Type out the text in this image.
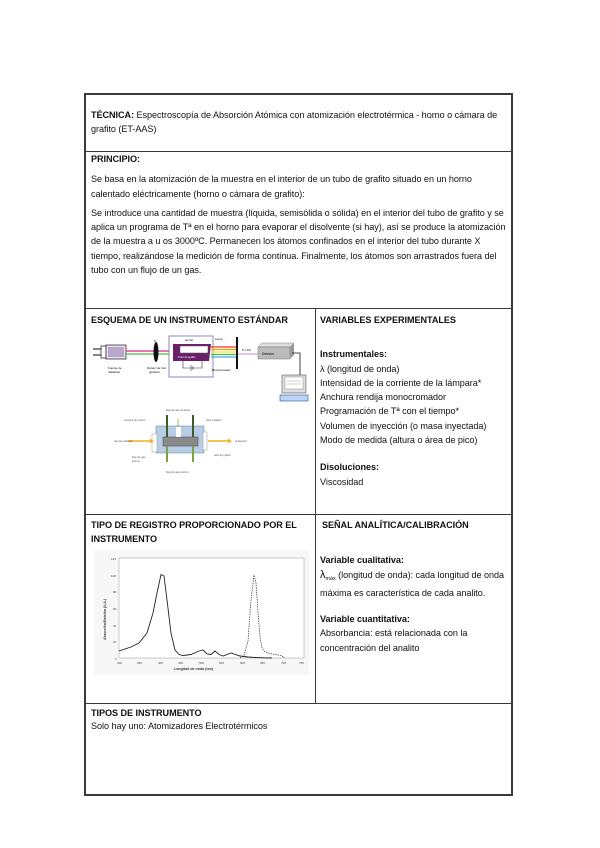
TÉCNICA: Espectroscopía de Absorción Atómica con atomización electrotérmica - horno o cámara de grafito (ET-AAS)

PRINCIPIO:

Se basa en la atomización de la muestra en el interior de un tubo de grafito situado en un horno calentado eléctricamente (horno o cámara de grafito):

Se introduce una cantidad de muestra (líquida, semisólida o sólida) en el interior del tubo de grafito y se aplica un programa de Tª en el horno para evaporar el disolvente (si hay), así se produce la atomización de la muestra a u os 3000ºC. Permanecen los átomos confinados en el interior del tubo durante X tiempo, realizándose la medición de forma continua. Finalmente, los átomos son arrastrados fuera del tubo con un flujo de un gas.

ESQUEMA DE UN INSTRUMENTO ESTÁNDAR

P	Horno
Tubo de grafito
Lente
Monocromador
P o P0
Detector
Fuente de
radiación
Divisor de haz
giratorio
flujo de gas protector
ventana de cuarzo	tubo metálico
haz de radiación	al detector
flujo de gas
interno
tubo de grafito
flujo de gas externo

VARIABLES EXPERIMENTALES

Instrumentales:

λ (longitud de onda)

Intensidad de la corriente de la lámpara*

Anchura rendija monocromador

Programación de Tª con el tiempo*

Volumen de inyección (o masa inyectada)

Modo de medida (altura o área de pico)

Disoluciones:

Viscosidad

TIPO DE REGISTRO PROPORCIONADO POR EL INSTRUMENTO

120
100
80
60
40
20
0
300	350	400	450	500	550	600	650	700	750
Longitud de onda (nm)
Absorción/Emisión (U.A.)

SEÑAL ANALÍTICA/CALIBRACIÓN

Variable cualitativa:

$\lambda_{máx}$ (longitud de onda): cada longitud de onda máxima es característica de cada analito.

Variable cuantitativa:

Absorbancia: está relacionada con la concentración del analito

TIPOS DE INSTRUMENTO

Solo hay uno: Atomizadores Electrotérmicos
